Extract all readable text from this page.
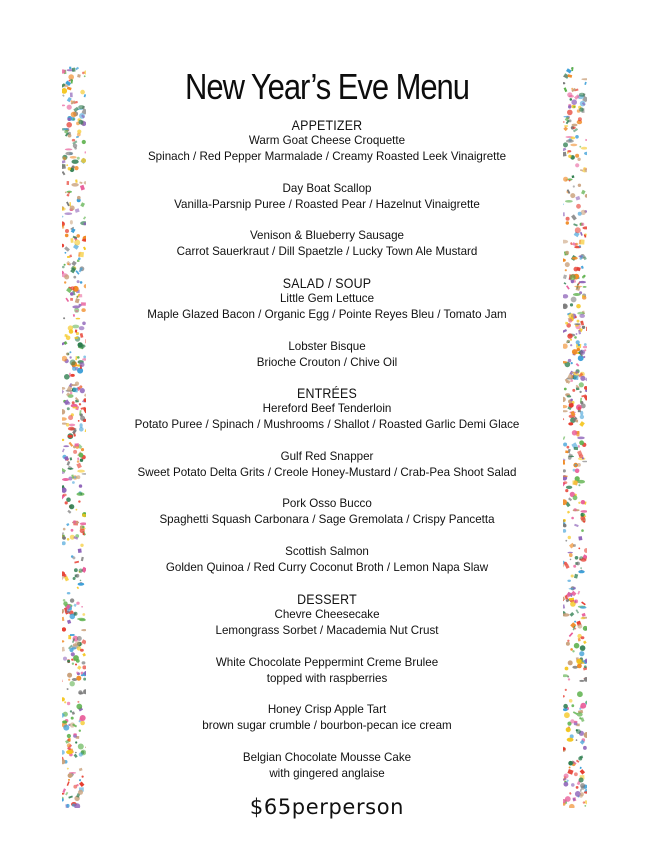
New Year’s Eve Menu

APPETIZER

Warm Goat Cheese Croquette

Spinach / Red Pepper Marmalade / Creamy Roasted Leek Vinaigrette

Day Boat Scallop

Vanilla-Parsnip Puree / Roasted Pear / Hazelnut Vinaigrette

Venison & Blueberry Sausage

Carrot Sauerkraut / Dill Spaetzle / Lucky Town Ale Mustard

SALAD / SOUP

Little Gem Lettuce

Maple Glazed Bacon / Organic Egg / Pointe Reyes Bleu / Tomato Jam

Lobster Bisque

Brioche Crouton / Chive Oil

ENTRÉES

Hereford Beef Tenderloin

Potato Puree / Spinach / Mushrooms / Shallot / Roasted Garlic Demi Glace

Gulf Red Snapper

Sweet Potato Delta Grits / Creole Honey-Mustard / Crab-Pea Shoot Salad

Pork Osso Bucco

Spaghetti Squash Carbonara / Sage Gremolata / Crispy Pancetta

Scottish Salmon

Golden Quinoa / Red Curry Coconut Broth / Lemon Napa Slaw

DESSERT

Chevre Cheesecake

Lemongrass Sorbet / Macademia Nut Crust

White Chocolate Peppermint Creme Brulee

topped with raspberries

Honey Crisp Apple Tart

brown sugar crumble / bourbon-pecan ice cream

Belgian Chocolate Mousse Cake

with gingered anglaise

$65perperson
